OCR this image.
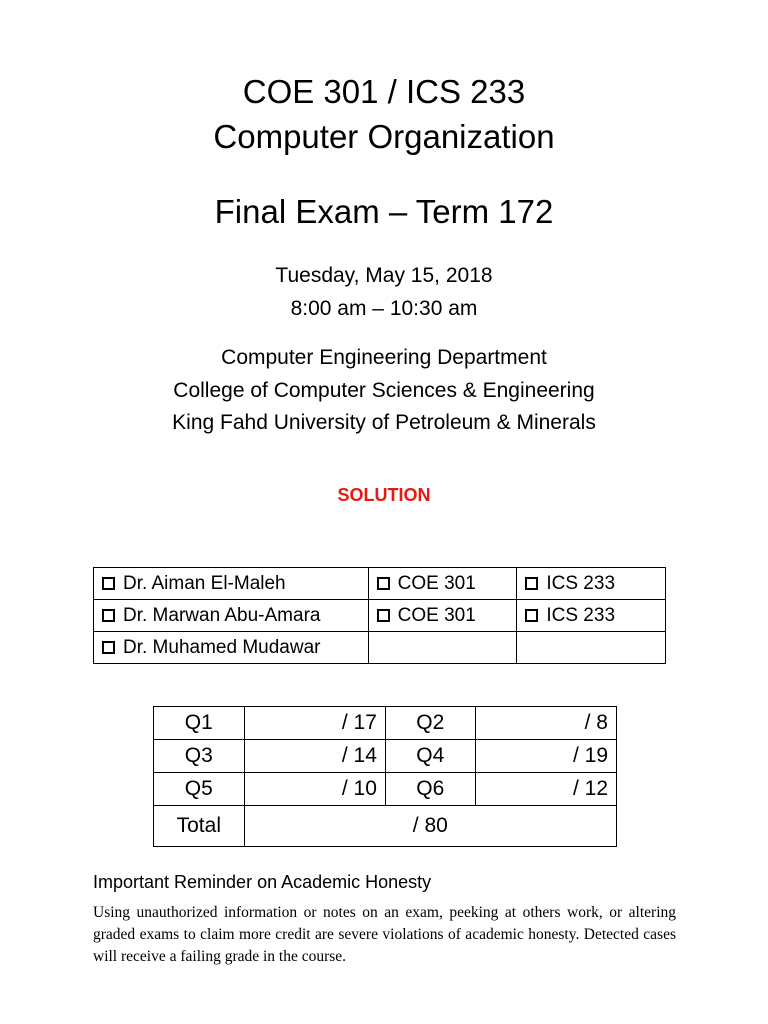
COE 301 / ICS 233
Computer Organization
Final Exam – Term 172
Tuesday, May 15, 2018
8:00 am – 10:30 am
Computer Engineering Department
College of Computer Sciences & Engineering
King Fahd University of Petroleum & Minerals
SOLUTION
Dr. Aiman El-Maleh	COE 301	ICS 233
Dr. Marwan Abu-Amara	COE 301	ICS 233
Dr. Muhamed Mudawar		
Q1	/ 17	Q2	/ 8
Q3	/ 14	Q4	/ 19
Q5	/ 10	Q6	/ 12
Total	/ 80		
Important Reminder on Academic Honesty
Using unauthorized information or notes on an exam, peeking at others work, or altering graded exams to claim more credit are severe violations of academic honesty. Detected cases will receive a failing grade in the course.
